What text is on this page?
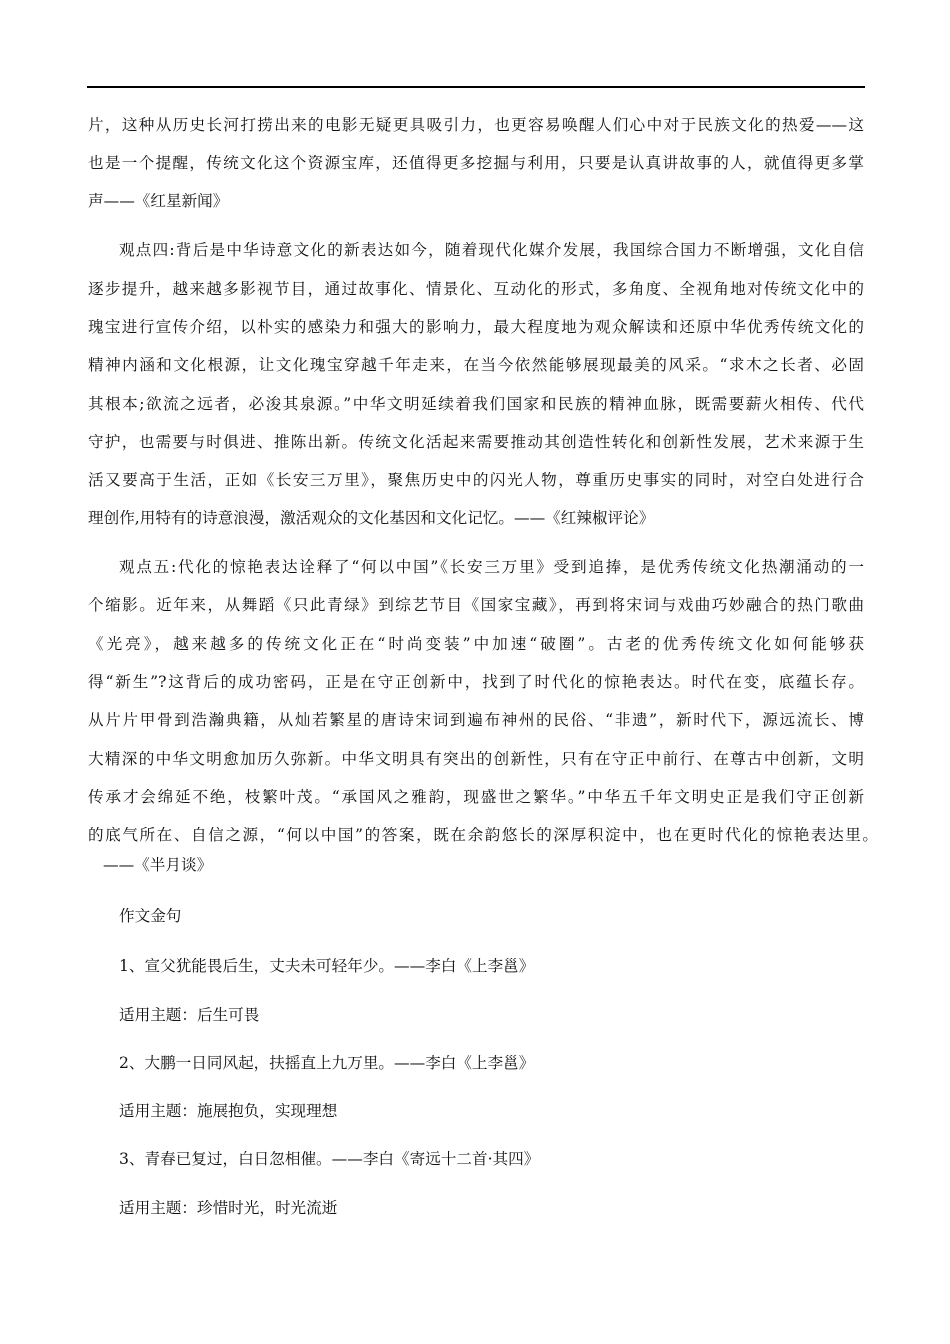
片，这种从历史长河打捞出来的电影无疑更具吸引力，也更容易唤醒人们心中对于民族文化的热爱——这
也是一个提醒，传统文化这个资源宝库，还值得更多挖掘与利用，只要是认真讲故事的人，就值得更多掌
声——《红星新闻》
观点四:背后是中华诗意文化的新表达如今，随着现代化媒介发展，我国综合国力不断增强，文化自信
逐步提升，越来越多影视节目，通过故事化、情景化、互动化的形式，多角度、全视角地对传统文化中的
瑰宝进行宣传介绍，以朴实的感染力和强大的影响力，最大程度地为观众解读和还原中华优秀传统文化的
精神内涵和文化根源，让文化瑰宝穿越千年走来，在当今依然能够展现最美的风采。“求木之长者、必固
其根本;欲流之远者，必浚其泉源。”中华文明延续着我们国家和民族的精神血脉，既需要薪火相传、代代
守护，也需要与时俱进、推陈出新。传统文化活起来需要推动其创造性转化和创新性发展，艺术来源于生
活又要高于生活，正如《长安三万里》，聚焦历史中的闪光人物，尊重历史事实的同时，对空白处进行合
理创作,用特有的诗意浪漫，激活观众的文化基因和文化记忆。——《红辣椒评论》
观点五:代化的惊艳表达诠释了“何以中国”《长安三万里》受到追捧，是优秀传统文化热潮涌动的一
个缩影。近年来，从舞蹈《只此青绿》到综艺节目《国家宝藏》，再到将宋词与戏曲巧妙融合的热门歌曲
《光亮》，越来越多的传统文化正在“时尚变装”中加速“破圈”。古老的优秀传统文化如何能够获
得“新生”?这背后的成功密码，正是在守正创新中，找到了时代化的惊艳表达。时代在变，底蕴长存。
从片片甲骨到浩瀚典籍，从灿若繁星的唐诗宋词到遍布神州的民俗、“非遗”，新时代下，源远流长、博
大精深的中华文明愈加历久弥新。中华文明具有突出的创新性，只有在守正中前行、在尊古中创新，文明
传承才会绵延不绝，枝繁叶茂。“承国风之雅韵，现盛世之繁华。”中华五千年文明史正是我们守正创新
的底气所在、自信之源，“何以中国”的答案，既在余韵悠长的深厚积淀中，也在更时代化的惊艳表达里。
——《半月谈》
作文金句
1、宣父犹能畏后生，丈夫未可轻年少。——李白《上李邕》
适用主题：后生可畏
2、大鹏一日同风起，扶摇直上九万里。——李白《上李邕》
适用主题：施展抱负，实现理想
3、青春已复过，白日忽相催。——李白《寄远十二首·其四》
适用主题：珍惜时光，时光流逝
